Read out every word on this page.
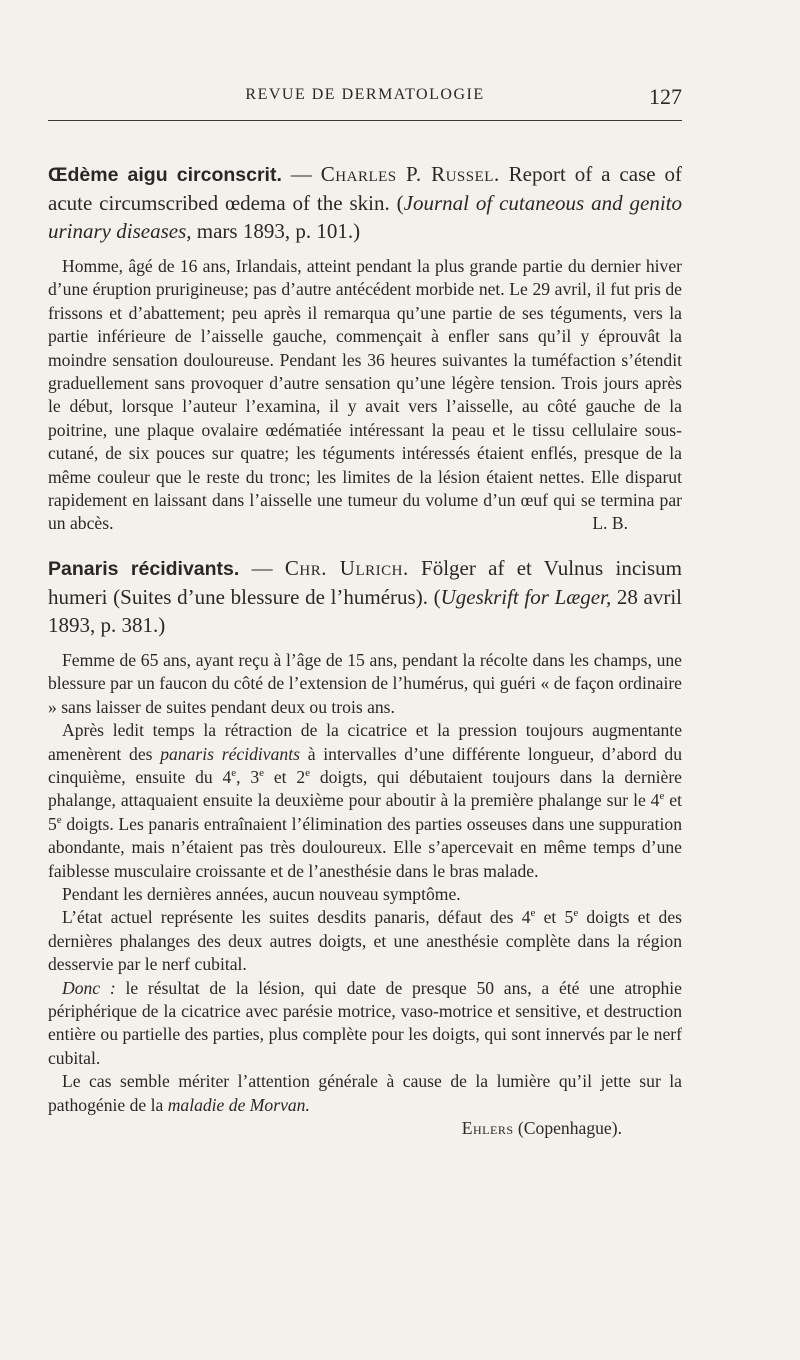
REVUE DE DERMATOLOGIE	127

Œdème aigu circonscrit. — Charles P. Russel. Report of a case of acute circumscribed œdema of the skin. (Journal of cutaneous and genito urinary diseases, mars 1893, p. 101.)

Homme, âgé de 16 ans, Irlandais, atteint pendant la plus grande partie du dernier hiver d’une éruption prurigineuse; pas d’autre antécédent morbide net. Le 29 avril, il fut pris de frissons et d’abattement; peu après il remarqua qu’une partie de ses téguments, vers la partie inférieure de l’aisselle gauche, commençait à enfler sans qu’il y éprouvât la moindre sensation douloureuse. Pendant les 36 heures suivantes la tuméfaction s’étendit graduellement sans provoquer d’autre sensation qu’une légère tension. Trois jours après le début, lorsque l’auteur l’examina, il y avait vers l’aisselle, au côté gauche de la poitrine, une plaque ovalaire œdématiée intéressant la peau et le tissu cellulaire sous-cutané, de six pouces sur quatre; les téguments intéressés étaient enflés, presque de la même couleur que le reste du tronc; les limites de la lésion étaient nettes. Elle disparut rapidement en laissant dans l’aisselle une tumeur du volume d’un œuf qui se termina par un abcès.	L. B.

Panaris récidivants. — Chr. Ulrich. Fölger af et Vulnus incisum humeri (Suites d’une blessure de l’humérus). (Ugeskrift for Læger, 28 avril 1893, p. 381.)

Femme de 65 ans, ayant reçu à l’âge de 15 ans, pendant la récolte dans les champs, une blessure par un faucon du côté de l’extension de l’humérus, qui guéri « de façon ordinaire » sans laisser de suites pendant deux ou trois ans.

Après ledit temps la rétraction de la cicatrice et la pression toujours augmentante amenèrent des panaris récidivants à intervalles d’une différente longueur, d’abord du cinquième, ensuite du 4e, 3e et 2e doigts, qui débutaient toujours dans la dernière phalange, attaquaient ensuite la deuxième pour aboutir à la première phalange sur le 4e et 5e doigts. Les panaris entraînaient l’élimination des parties osseuses dans une suppuration abondante, mais n’étaient pas très douloureux. Elle s’apercevait en même temps d’une faiblesse musculaire croissante et de l’anesthésie dans le bras malade.

Pendant les dernières années, aucun nouveau symptôme.

L’état actuel représente les suites desdits panaris, défaut des 4e et 5e doigts et des dernières phalanges des deux autres doigts, et une anesthésie complète dans la région desservie par le nerf cubital.

Donc : le résultat de la lésion, qui date de presque 50 ans, a été une atrophie périphérique de la cicatrice avec parésie motrice, vaso-motrice et sensitive, et destruction entière ou partielle des parties, plus complète pour les doigts, qui sont innervés par le nerf cubital.

Le cas semble mériter l’attention générale à cause de la lumière qu’il jette sur la pathogénie de la maladie de Morvan.

Ehlers (Copenhague).
